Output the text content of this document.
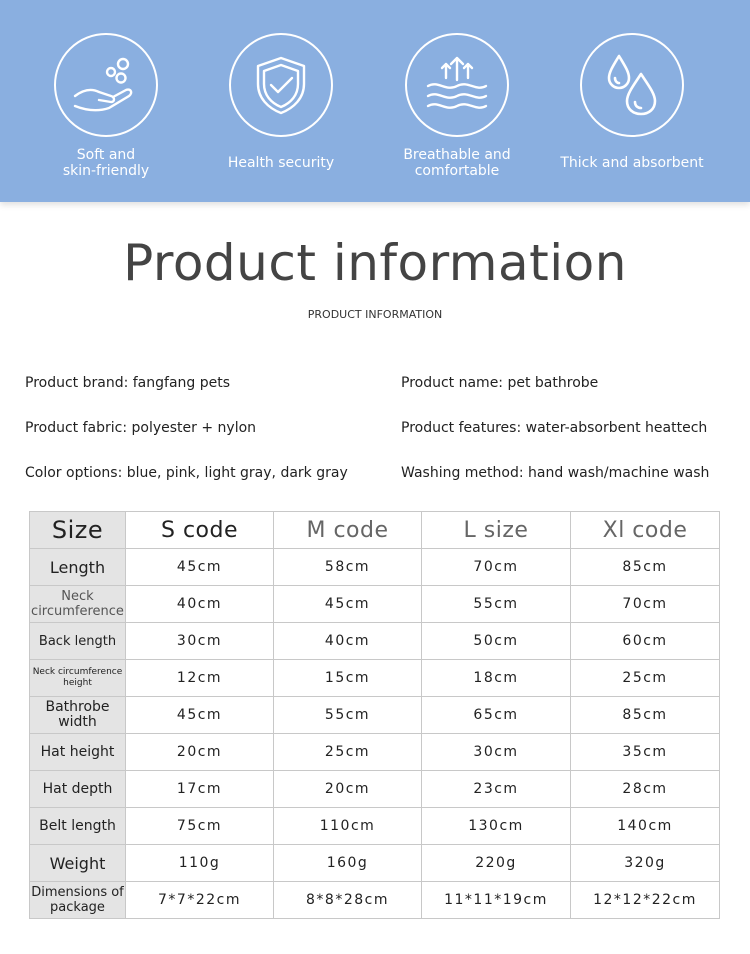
Soft and
skin-friendly	Health security	Breathable and
comfortable	Thick and absorbent
Product information
PRODUCT INFORMATION
Product brand: fangfang pets	Product name: pet bathrobe
Product fabric: polyester + nylon	Product features: water-absorbent heattech
Color options: blue, pink, light gray, dark gray	Washing method: hand wash/machine wash
Size	S code	M code	L size	Xl code
Length	45cm	58cm	70cm	85cm
Neck circumference	40cm	45cm	55cm	70cm
Back length	30cm	40cm	50cm	60cm
Neck circumference height	12cm	15cm	18cm	25cm
Bathrobe width	45cm	55cm	65cm	85cm
Hat height	20cm	25cm	30cm	35cm
Hat depth	17cm	20cm	23cm	28cm
Belt length	75cm	110cm	130cm	140cm
Weight	110g	160g	220g	320g
Dimensions of package	7*7*22cm	8*8*28cm	11*11*19cm	12*12*22cm
